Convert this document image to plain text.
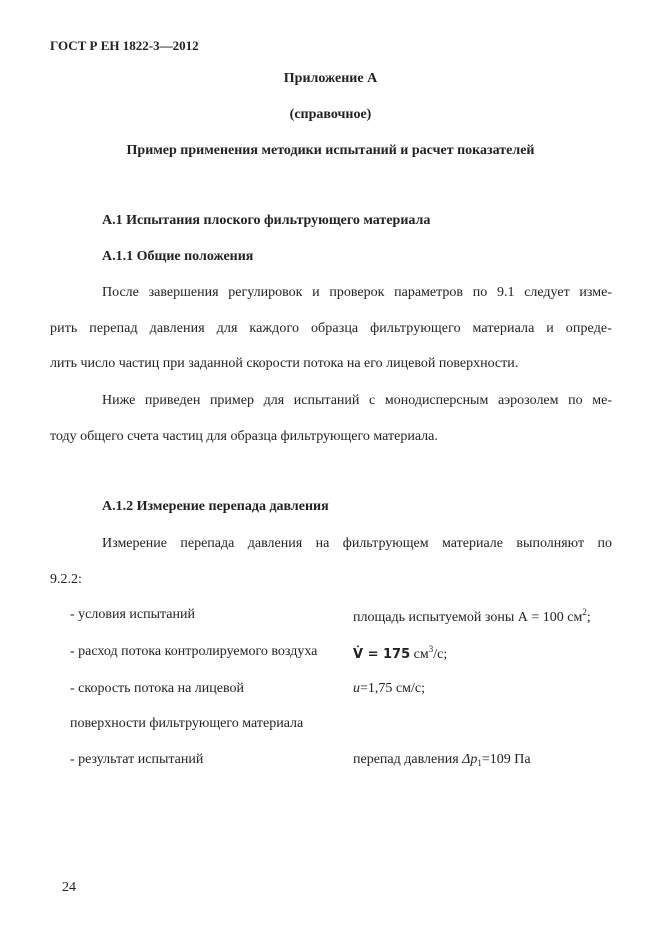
ГОСТ Р ЕН 1822-3—2012
Приложение А
(справочное)
Пример применения методики испытаний и расчет показателей
А.1 Испытания плоского фильтрующего материала
А.1.1 Общие положения
После завершения регулировок и проверок параметров по 9.1 следует изме-
рить перепад давления для каждого образца фильтрующего материала и опреде-
лить число частиц при заданной скорости потока на его лицевой поверхности.
Ниже приведен пример для испытаний с монодисперсным аэрозолем по ме-
тоду общего счета частиц для образца фильтрующего материала.
А.1.2 Измерение перепада давления
Измерение перепада давления на фильтрующем материале выполняют по
9.2.2:
- условия испытаний	площадь испытуемой зоны А = 100 $см^2$;
- расход потока контролируемого воздуха	V̇ = 175 $см^3/с$;
- скорость потока на лицевой	u=1,75 см/с;
поверхности фильтрующего материала
- результат испытаний	перепад давления $\Delta p_1=109$ Па
24
